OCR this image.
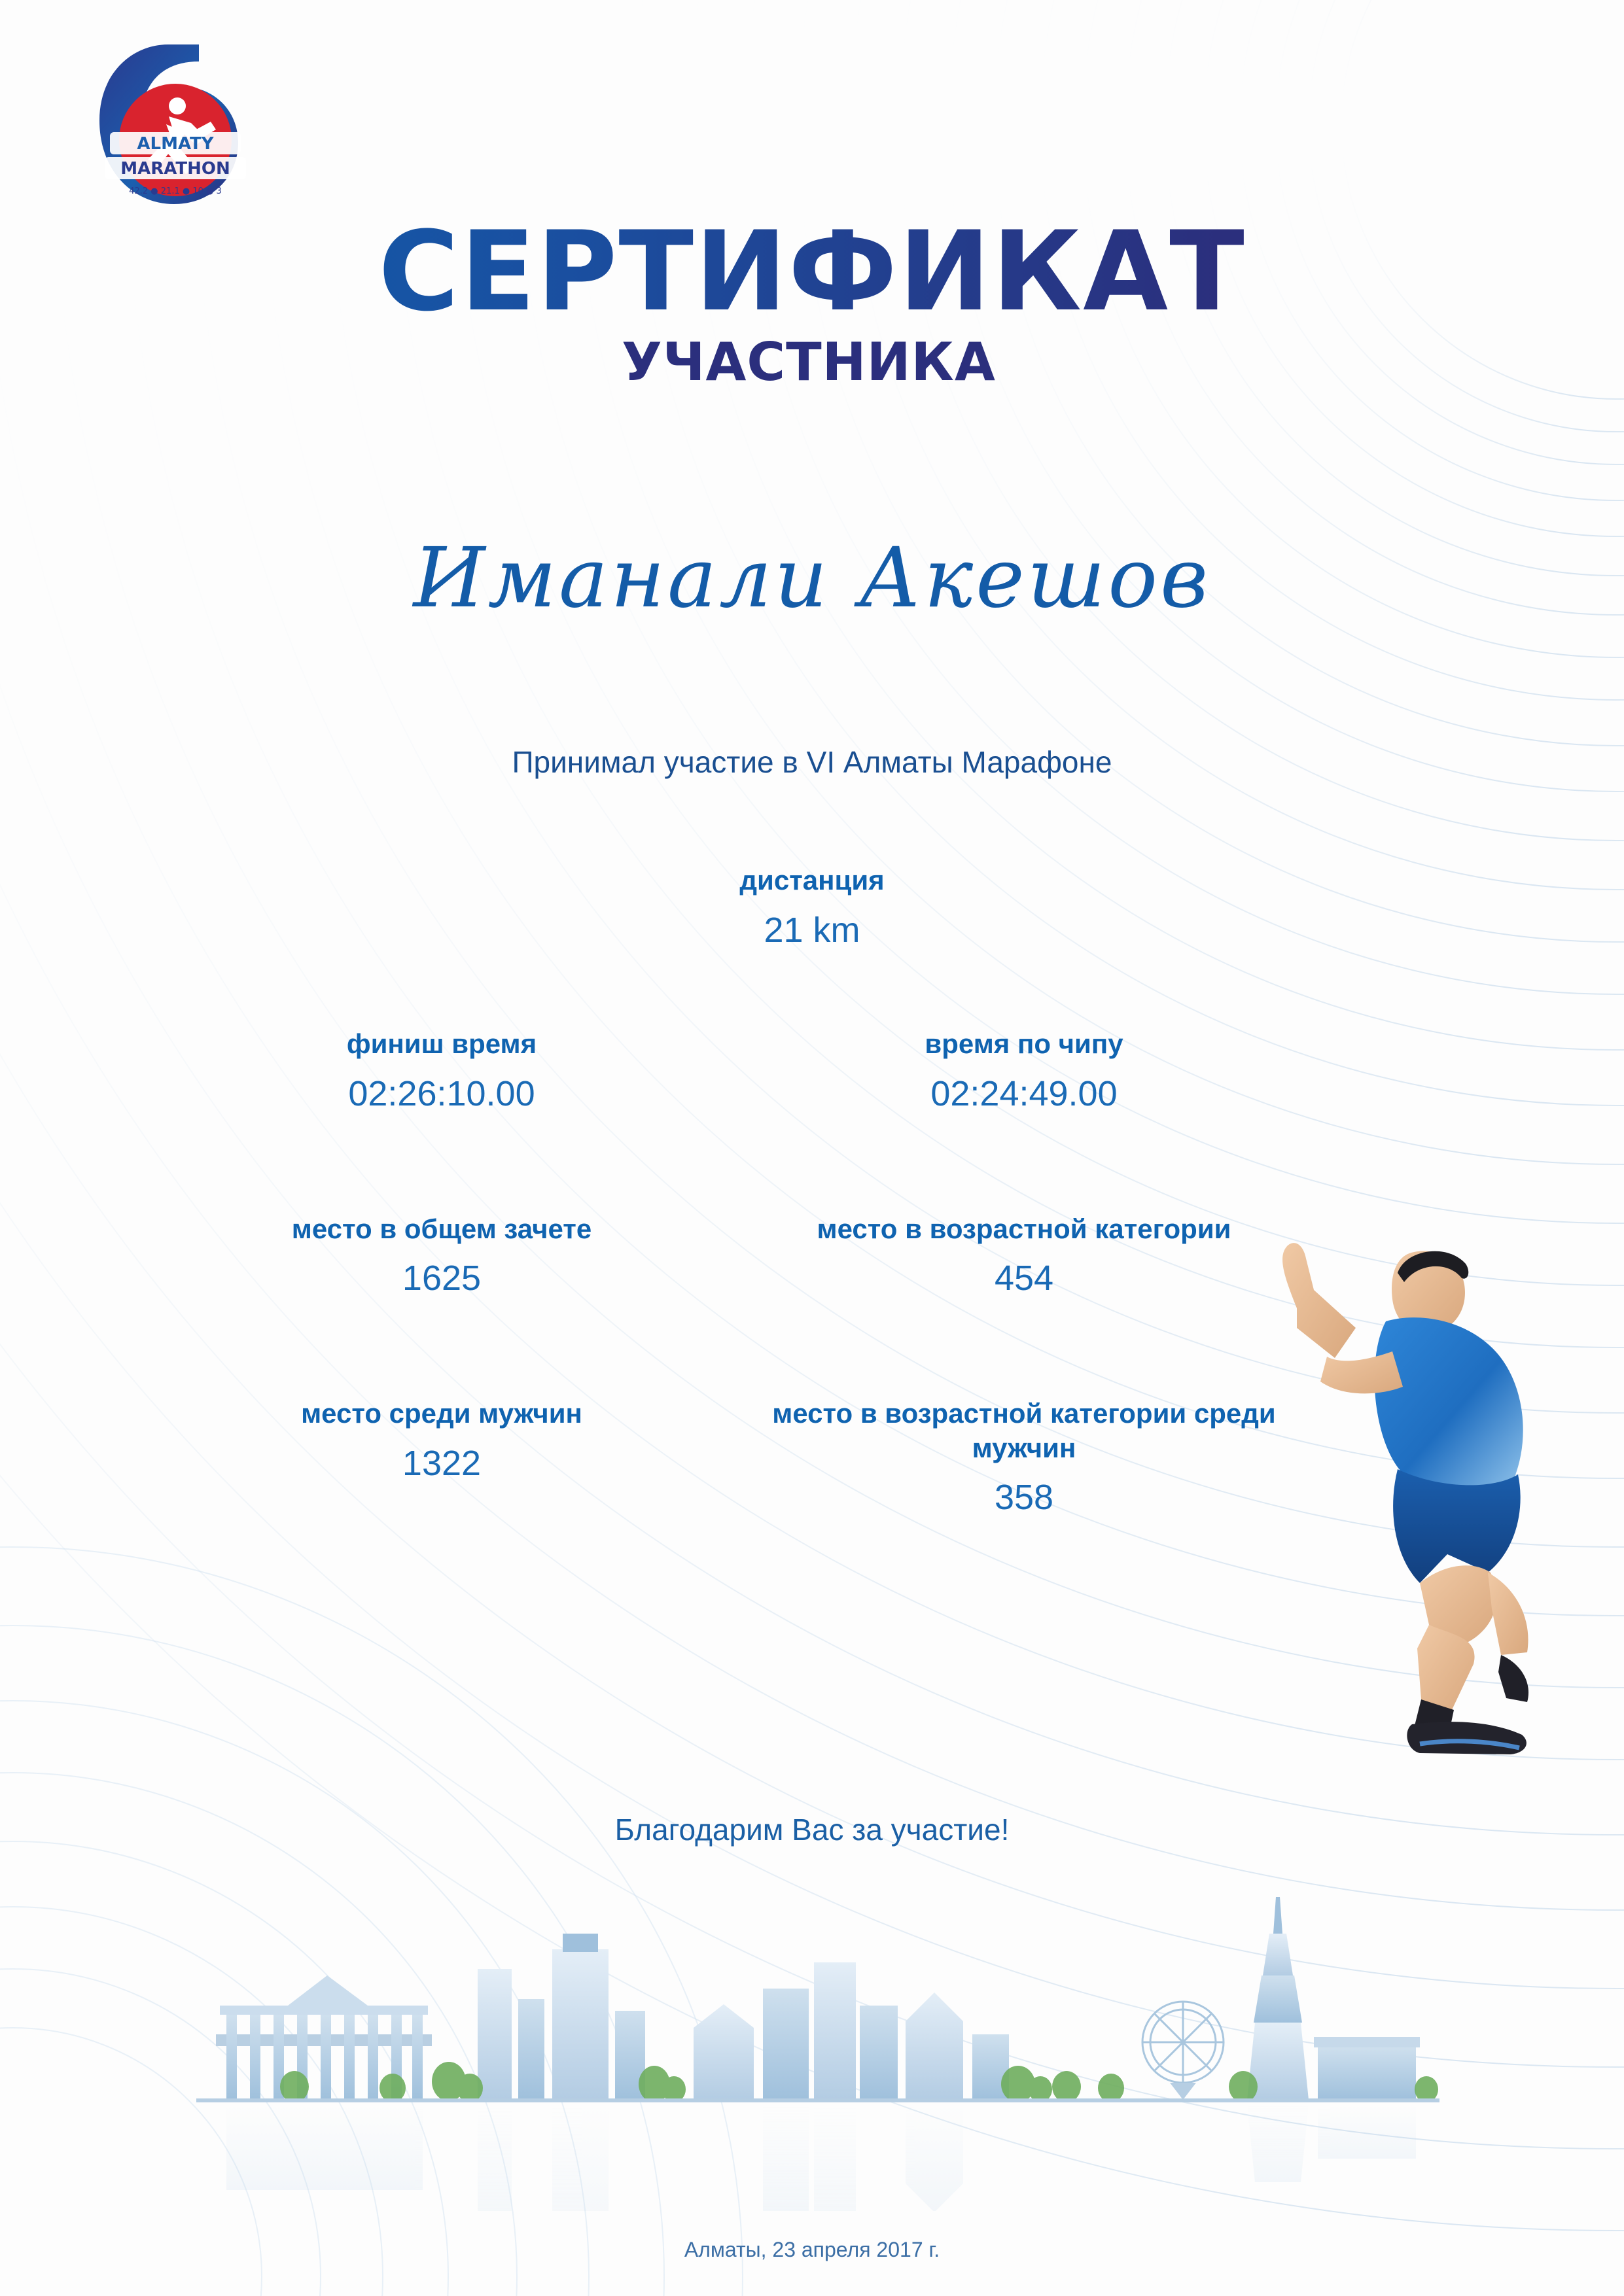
ALMATY
MARATHON
42.2 ● 21.1 ● 10 ● 3
СЕРТИФИКАТ
УЧАСТНИКА
Иманали Акешов
Принимал участие в VI Алматы Марафоне
дистанция
21 km
финиш время
02:26:10.00
время по чипу
02:24:49.00
место в общем зачете
1625
место в возрастной категории
454
место среди мужчин
1322
место в возрастной категории среди мужчин
358
Благодарим Вас за участие!
Алматы, 23 апреля 2017 г.
